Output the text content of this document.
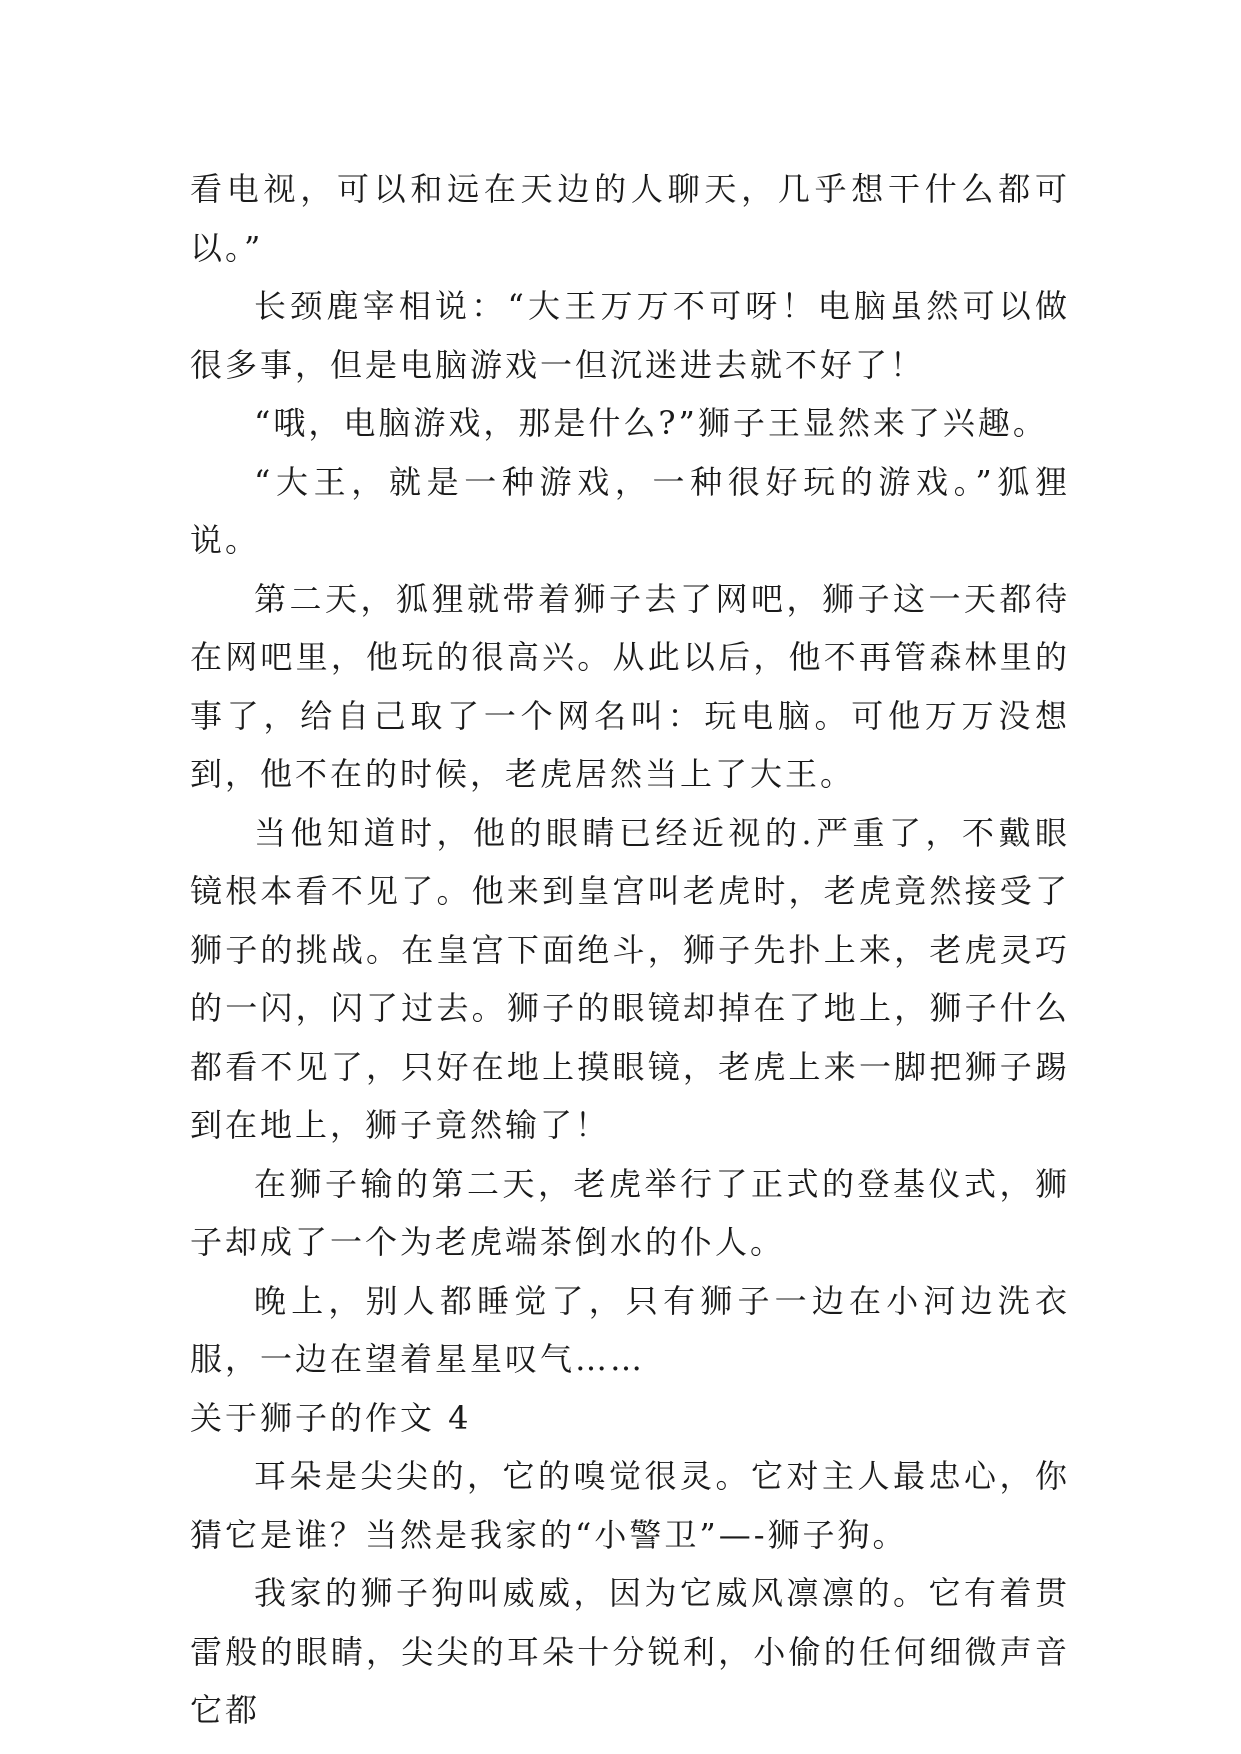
看电视，可以和远在天边的人聊天，几乎想干什么都可以。”

长颈鹿宰相说：“大王万万不可呀！电脑虽然可以做很多事，但是电脑游戏一但沉迷进去就不好了！

“哦，电脑游戏，那是什么?”狮子王显然来了兴趣。

“大王，就是一种游戏，一种很好玩的游戏。”狐狸说。

第二天，狐狸就带着狮子去了网吧，狮子这一天都待在网吧里，他玩的很高兴。从此以后，他不再管森林里的事了，给自己取了一个网名叫：玩电脑。可他万万没想到，他不在的时候，老虎居然当上了大王。

当他知道时，他的眼睛已经近视的.严重了，不戴眼镜根本看不见了。他来到皇宫叫老虎时，老虎竟然接受了狮子的挑战。在皇宫下面绝斗，狮子先扑上来，老虎灵巧的一闪，闪了过去。狮子的眼镜却掉在了地上，狮子什么都看不见了，只好在地上摸眼镜，老虎上来一脚把狮子踢到在地上，狮子竟然输了！

在狮子输的第二天，老虎举行了正式的登基仪式，狮子却成了一个为老虎端茶倒水的仆人。

晚上，别人都睡觉了，只有狮子一边在小河边洗衣服，一边在望着星星叹气……

关于狮子的作文 4

耳朵是尖尖的，它的嗅觉很灵。它对主人最忠心，你猜它是谁？当然是我家的“小警卫”—-狮子狗。

我家的狮子狗叫威威，因为它威风凛凛的。它有着贯雷般的眼睛，尖尖的耳朵十分锐利，小偷的任何细微声音它都
